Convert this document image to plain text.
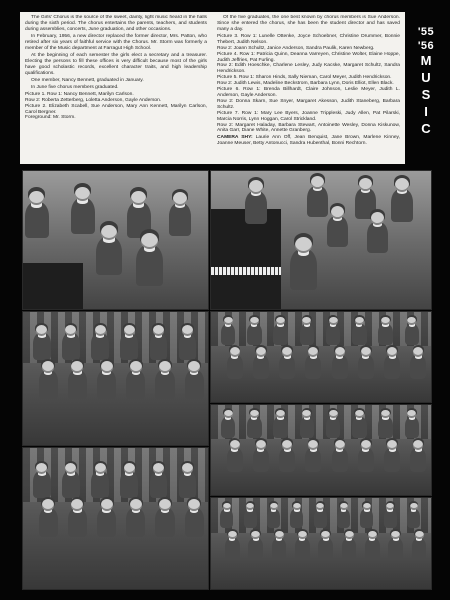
The Girls' Chorus is the source of the sweet, dainty, light music heard in the halls during the sixth period. The chorus entertains the parents, teachers, and students during assemblies, concerts, June graduation, and other occasions.

In February, 1956, a new director replaced the former director, Mrs. Patton, who retired after six years of faithful service with the Chorus. Mr. Storm was formerly a member of the Music department at Farragut High School.

At the beginning of each semester the girls elect a secretary and a treasurer. Electing the persons to fill these offices is very difficult because most of the girls have good scholastic records, excellent character traits, and high leadership qualifications.

One member, Nancy Bennett, graduated in January.

In June five chorus members graduated.

Picture 1. Row 1: Nancy Bennett, Marilyn Carlson.
Row 2: Roberta Zetterberg, Loletta Anderson, Gayle Anderson.
Picture 2. Elizabeth Scabell, Sue Anderson, Mary Ann Kennett, Marilyn Carlson, Carol Bergner.
Foreground: Mr. Storm.

Of the five graduates, the one best known by chorus members is Sue Anderson. Since she entered the chorus, she has been the student director and has saved many a day.

Picture 3. Row 1: Lunelle Ottenke, Joyce Schoebner, Christine Drummer, Bonnie Thebert, Judith Nelson.
Row 2: Joann Schultz, Janice Anderson, Sandra Paulik, Karen Newberg.
Picture 4. Row 1: Patricia Quinn, Deanna Varreyen, Christine Wolter, Elaine Hoppe, Judith Jeffries, Pat Furling.
Row 2: Edith Hoeschke, Charlene Lesley, Judy Kacske, Margaret Schultz, Sandra Hendrickson.
Picture 5. Row 1: Sharon Hinds, Sally Nieman, Carol Meyer, Judith Hendrickson.
Row 2: Judith Lewis, Madeline Beckstrom, Barbara Lynn, Doris Elliot, Ellen Black.
Picture 6. Row 1: Brenda Billhardt, Claire Johnson, Leslie Meyer, Judith L. Anderson, Gayle Anderson.
Row 2: Donna Skarn, Sue Snyer, Margaret Akesson, Judith Staneberg, Barbara Schultz.
Picture 7. Row 1: Mary Lee Byers, Joanne Trippleski, Judy Allen, Pat Pilarski, Marcia Norris, Lynn Hoggan, Carol Strickland.
Row 2: Margaret Haladay, Barbara Stewart, Antoinette Wesley, Donna Kiskunow, Anita Garr, Diane White, Annette Granberg.
CAMERA SHY: Laurie Ann Off, Jean Benquist, Jane Brown, Marlene Kinney, Joanne Meuser, Betty Antonucci, Sandra Hubenthal, Bonni Rechtorn.
'55
'56
M
U
S
I
C
